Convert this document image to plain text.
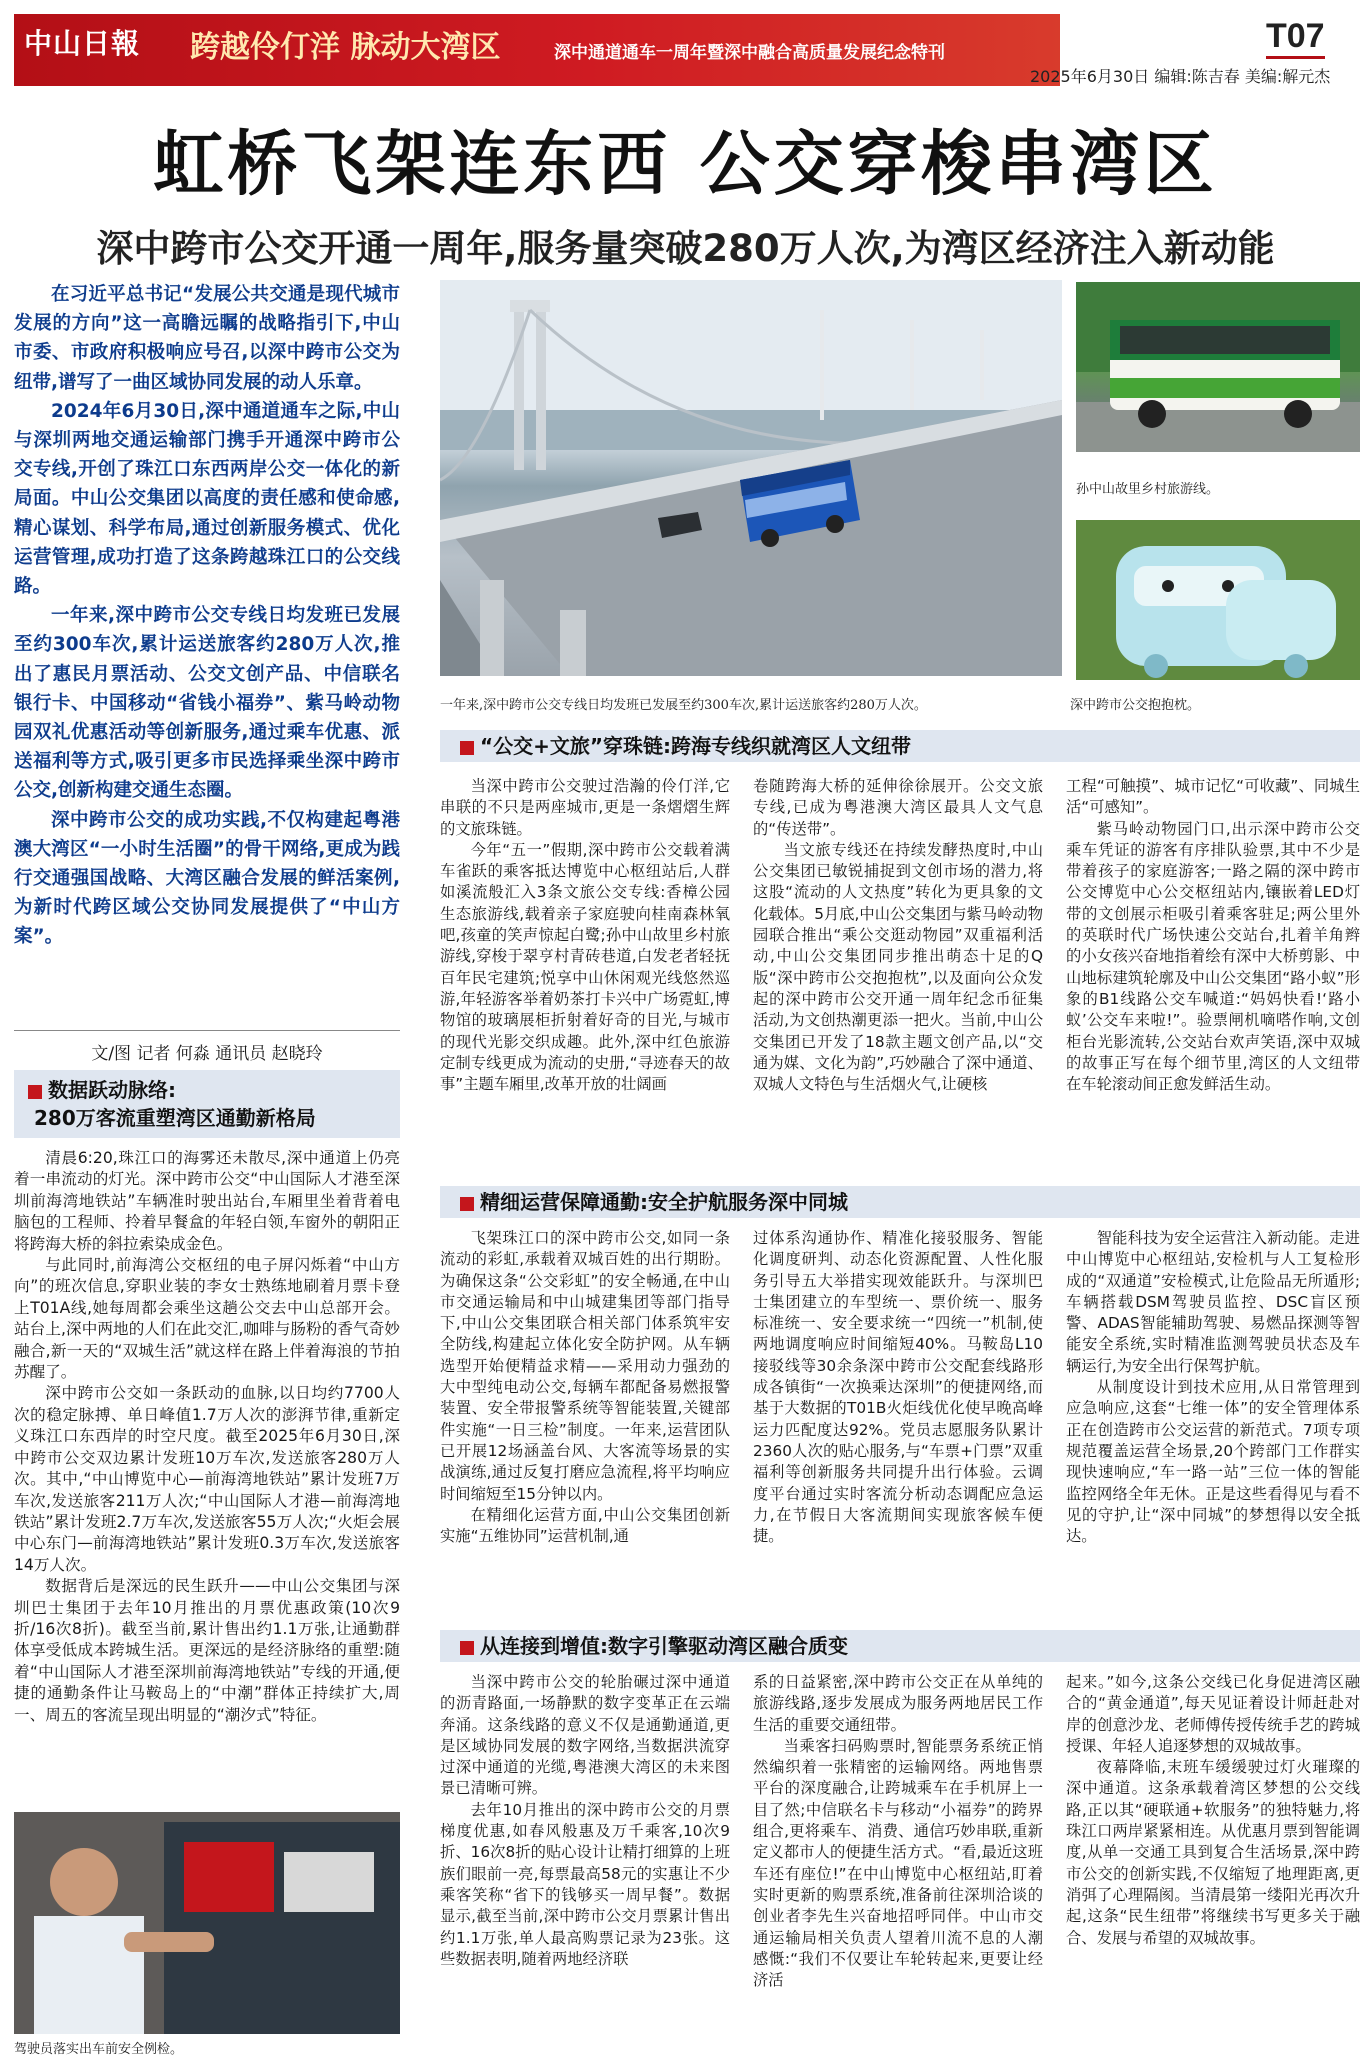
中山日報 跨越伶仃洋 脉动大湾区	深中通道通车一周年暨深中融合高质量发展纪念特刊	T07
2025年6月30日 编辑:陈吉春 美编:解元杰
虹桥飞架连东西 公交穿梭串湾区
深中跨市公交开通一周年,服务量突破280万人次,为湾区经济注入新动能

在习近平总书记“发展公共交通是现代城市发展的方向”这一高瞻远瞩的战略指引下,中山市委、市政府积极响应号召,以深中跨市公交为纽带,谱写了一曲区域协同发展的动人乐章。

2024年6月30日,深中通道通车之际,中山与深圳两地交通运输部门携手开通深中跨市公交专线,开创了珠江口东西两岸公交一体化的新局面。中山公交集团以高度的责任感和使命感,精心谋划、科学布局,通过创新服务模式、优化运营管理,成功打造了这条跨越珠江口的公交线路。

一年来,深中跨市公交专线日均发班已发展至约300车次,累计运送旅客约280万人次,推出了惠民月票活动、公交文创产品、中信联名银行卡、中国移动“省钱小福券”、紫马岭动物园双礼优惠活动等创新服务,通过乘车优惠、派送福利等方式,吸引更多市民选择乘坐深中跨市公交,创新构建交通生态圈。

深中跨市公交的成功实践,不仅构建起粤港澳大湾区“一小时生活圈”的骨干网络,更成为践行交通强国战略、大湾区融合发展的鲜活案例,为新时代跨区域公交协同发展提供了“中山方案”。

文/图 记者 何淼 通讯员 赵晓玲
数据跃动脉络:
280万客流重塑湾区通勤新格局

清晨6:20,珠江口的海雾还未散尽,深中通道上仍亮着一串流动的灯光。深中跨市公交“中山国际人才港至深圳前海湾地铁站”车辆准时驶出站台,车厢里坐着背着电脑包的工程师、拎着早餐盒的年轻白领,车窗外的朝阳正将跨海大桥的斜拉索染成金色。

与此同时,前海湾公交枢纽的电子屏闪烁着“中山方向”的班次信息,穿职业装的李女士熟练地刷着月票卡登上T01A线,她每周都会乘坐这趟公交去中山总部开会。站台上,深中两地的人们在此交汇,咖啡与肠粉的香气奇妙融合,新一天的“双城生活”就这样在路上伴着海浪的节拍苏醒了。

深中跨市公交如一条跃动的血脉,以日均约7700人次的稳定脉搏、单日峰值1.7万人次的澎湃节律,重新定义珠江口东西岸的时空尺度。截至2025年6月30日,深中跨市公交双边累计发班10万车次,发送旅客280万人次。其中,“中山博览中心—前海湾地铁站”累计发班7万车次,发送旅客211万人次;“中山国际人才港—前海湾地铁站”累计发班2.7万车次,发送旅客55万人次;“火炬会展中心东门—前海湾地铁站”累计发班0.3万车次,发送旅客14万人次。

数据背后是深远的民生跃升——中山公交集团与深圳巴士集团于去年10月推出的月票优惠政策(10次9折/16次8折)。截至当前,累计售出约1.1万张,让通勤群体享受低成本跨城生活。更深远的是经济脉络的重塑:随着“中山国际人才港至深圳前海湾地铁站”专线的开通,便捷的通勤条件让马鞍岛上的“中潮”群体正持续扩大,周一、周五的客流呈现出明显的“潮汐式”特征。

孙中山故里乡村旅游线。
一年来,深中跨市公交专线日均发班已发展至约300车次,累计运送旅客约280万人次。	深中跨市公交抱抱枕。
驾驶员落实出车前安全例检。
“公交+文旅”穿珠链:跨海专线织就湾区人文纽带

当深中跨市公交驶过浩瀚的伶仃洋,它串联的不只是两座城市,更是一条熠熠生辉的文旅珠链。

今年“五一”假期,深中跨市公交载着满车雀跃的乘客抵达博览中心枢纽站后,人群如溪流般汇入3条文旅公交专线:香樟公园生态旅游线,载着亲子家庭驶向桂南森林氧吧,孩童的笑声惊起白鹭;孙中山故里乡村旅游线,穿梭于翠亨村青砖巷道,白发老者轻抚百年民宅建筑;悦享中山休闲观光线悠然巡游,年轻游客举着奶茶打卡兴中广场霓虹,博物馆的玻璃展柜折射着好奇的目光,与城市的现代光影交织成趣。此外,深中红色旅游定制专线更成为流动的史册,“寻迹春天的故事”主题车厢里,改革开放的壮阔画

卷随跨海大桥的延伸徐徐展开。公交文旅专线,已成为粤港澳大湾区最具人文气息的“传送带”。

当文旅专线还在持续发酵热度时,中山公交集团已敏锐捕捉到文创市场的潜力,将这股“流动的人文热度”转化为更具象的文化载体。5月底,中山公交集团与紫马岭动物园联合推出“乘公交逛动物园”双重福利活动,中山公交集团同步推出萌态十足的Q版“深中跨市公交抱抱枕”,以及面向公众发起的深中跨市公交开通一周年纪念币征集活动,为文创热潮更添一把火。当前,中山公交集团已开发了18款主题文创产品,以“交通为媒、文化为韵”,巧妙融合了深中通道、双城人文特色与生活烟火气,让硬核

工程“可触摸”、城市记忆“可收藏”、同城生活“可感知”。

紫马岭动物园门口,出示深中跨市公交乘车凭证的游客有序排队验票,其中不少是带着孩子的家庭游客;一路之隔的深中跨市公交博览中心公交枢纽站内,镶嵌着LED灯带的文创展示柜吸引着乘客驻足;两公里外的英联时代广场快速公交站台,扎着羊角辫的小女孩兴奋地指着绘有深中大桥剪影、中山地标建筑轮廓及中山公交集团“路小蚁”形象的B1线路公交车喊道:“妈妈快看!‘路小蚁’公交车来啦!”。验票闸机嘀嗒作响,文创柜台光影流转,公交站台欢声笑语,深中双城的故事正写在每个细节里,湾区的人文纽带在车轮滚动间正愈发鲜活生动。

精细运营保障通勤:安全护航服务深中同城

飞架珠江口的深中跨市公交,如同一条流动的彩虹,承载着双城百姓的出行期盼。为确保这条“公交彩虹”的安全畅通,在中山市交通运输局和中山城建集团等部门指导下,中山公交集团联合相关部门体系筑牢安全防线,构建起立体化安全防护网。从车辆选型开始便精益求精——采用动力强劲的大中型纯电动公交,每辆车都配备易燃报警装置、安全带报警系统等智能装置,关键部件实施“一日三检”制度。一年来,运营团队已开展12场涵盖台风、大客流等场景的实战演练,通过反复打磨应急流程,将平均响应时间缩短至15分钟以内。

在精细化运营方面,中山公交集团创新实施“五维协同”运营机制,通

过体系沟通协作、精准化接驳服务、智能化调度研判、动态化资源配置、人性化服务引导五大举措实现效能跃升。与深圳巴士集团建立的车型统一、票价统一、服务标准统一、安全要求统一“四统一”机制,使两地调度响应时间缩短40%。马鞍岛L10接驳线等30余条深中跨市公交配套线路形成各镇街“一次换乘达深圳”的便捷网络,而基于大数据的T01B火炬线优化使早晚高峰运力匹配度达92%。党员志愿服务队累计2360人次的贴心服务,与“车票+门票”双重福利等创新服务共同提升出行体验。云调度平台通过实时客流分析动态调配应急运力,在节假日大客流期间实现旅客候车便捷。

智能科技为安全运营注入新动能。走进中山博览中心枢纽站,安检机与人工复检形成的“双通道”安检模式,让危险品无所遁形;车辆搭载DSM驾驶员监控、DSC盲区预警、ADAS智能辅助驾驶、易燃品探测等智能安全系统,实时精准监测驾驶员状态及车辆运行,为安全出行保驾护航。

从制度设计到技术应用,从日常管理到应急响应,这套“七维一体”的安全管理体系正在创造跨市公交运营的新范式。7项专项规范覆盖运营全场景,20个跨部门工作群实现快速响应,“车一路一站”三位一体的智能监控网络全年无休。正是这些看得见与看不见的守护,让“深中同城”的梦想得以安全抵达。

从连接到增值:数字引擎驱动湾区融合质变

当深中跨市公交的轮胎碾过深中通道的沥青路面,一场静默的数字变革正在云端奔涌。这条线路的意义不仅是通勤通道,更是区域协同发展的数字网络,当数据洪流穿过深中通道的光缆,粤港澳大湾区的未来图景已清晰可辨。

去年10月推出的深中跨市公交的月票梯度优惠,如春风般惠及万千乘客,10次9折、16次8折的贴心设计让精打细算的上班族们眼前一亮,每票最高58元的实惠让不少乘客笑称“省下的钱够买一周早餐”。数据显示,截至当前,深中跨市公交月票累计售出约1.1万张,单人最高购票记录为23张。这些数据表明,随着两地经济联

系的日益紧密,深中跨市公交正在从单纯的旅游线路,逐步发展成为服务两地居民工作生活的重要交通纽带。

当乘客扫码购票时,智能票务系统正悄然编织着一张精密的运输网络。两地售票平台的深度融合,让跨城乘车在手机屏上一目了然;中信联名卡与移动“小福券”的跨界组合,更将乘车、消费、通信巧妙串联,重新定义都市人的便捷生活方式。“看,最近这班车还有座位!”在中山博览中心枢纽站,盯着实时更新的购票系统,准备前往深圳洽谈的创业者李先生兴奋地招呼同伴。中山市交通运输局相关负责人望着川流不息的人潮感慨:“我们不仅要让车轮转起来,更要让经济活

起来。”如今,这条公交线已化身促进湾区融合的“黄金通道”,每天见证着设计师赶赴对岸的创意沙龙、老师傅传授传统手艺的跨城授课、年轻人追逐梦想的双城故事。

夜幕降临,末班车缓缓驶过灯火璀璨的深中通道。这条承载着湾区梦想的公交线路,正以其“硬联通+软服务”的独特魅力,将珠江口两岸紧紧相连。从优惠月票到智能调度,从单一交通工具到复合生活场景,深中跨市公交的创新实践,不仅缩短了地理距离,更消弭了心理隔阂。当清晨第一缕阳光再次升起,这条“民生纽带”将继续书写更多关于融合、发展与希望的双城故事。
